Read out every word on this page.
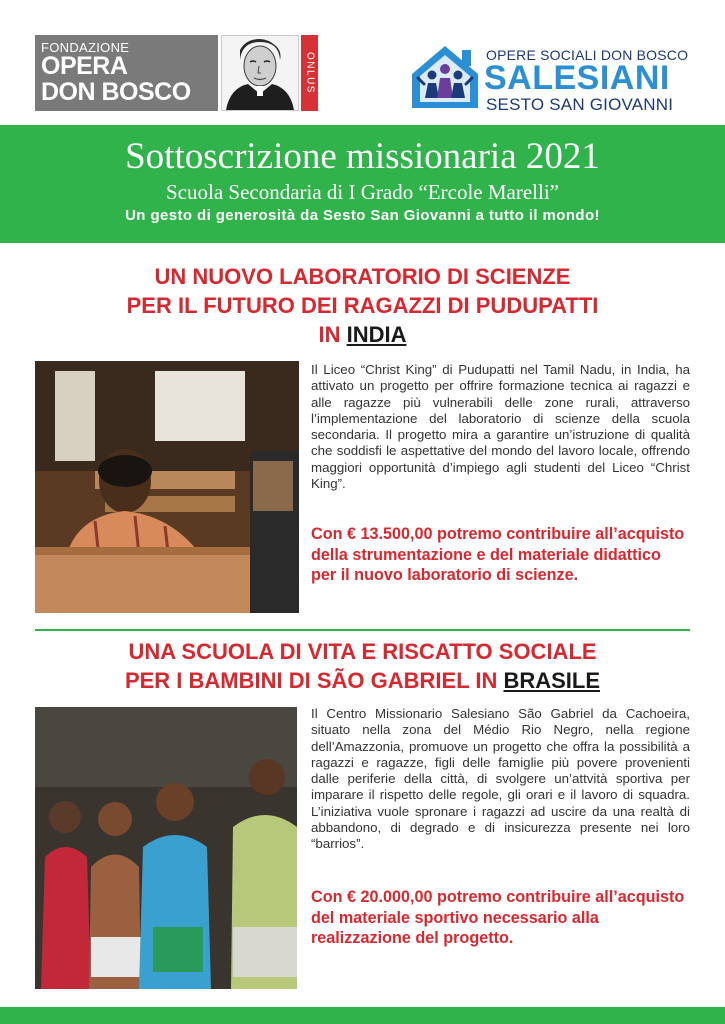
FONDAZIONE
OPERA
DON BOSCO	ONLUS	OPERE SOCIALI DON BOSCO
SALESIANI
SESTO SAN GIOVANNI
Sottoscrizione missionaria 2021
Scuola Secondaria di I Grado “Ercole Marelli”
Un gesto di generosità da Sesto San Giovanni a tutto il mondo!
UN NUOVO LABORATORIO DI SCIENZE
PER IL FUTURO DEI RAGAZZI DI PUDUPATTI
IN INDIA
Il Liceo “Christ King” di Pudupatti nel Tamil Nadu, in India, ha attivato un progetto per offrire formazione tecnica ai ragazzi e alle ragazze più vulnerabili delle zone rurali, attraverso l’implementazione del laboratorio di scienze della scuola secondaria. Il progetto mira a garantire un’istruzione di qualità che soddisfi le aspettative del mondo del lavoro locale, offrendo maggiori opportunità d’impiego agli studenti del Liceo “Christ King”.
Con € 13.500,00 potremo contribuire all’acquisto della strumentazione e del materiale didattico per il nuovo laboratorio di scienze.
UNA SCUOLA DI VITA E RISCATTO SOCIALE
PER I BAMBINI DI SÃO GABRIEL IN BRASILE
Il Centro Missionario Salesiano São Gabriel da Cachoeira, situato nella zona del Médio Rio Negro, nella regione dell’Amazzonia, promuove un progetto che offra la possibilità a ragazzi e ragazze, figli delle famiglie più povere provenienti dalle periferie della città, di svolgere un’attvità sportiva per imparare il rispetto delle regole, gli orari e il lavoro di squadra. L’iniziativa vuole spronare i ragazzi ad uscire da una realtà di abbandono, di degrado e di insicurezza presente nei loro “barrios”.
Con € 20.000,00 potremo contribuire all’acquisto del materiale sportivo necessario alla realizzazione del progetto.
